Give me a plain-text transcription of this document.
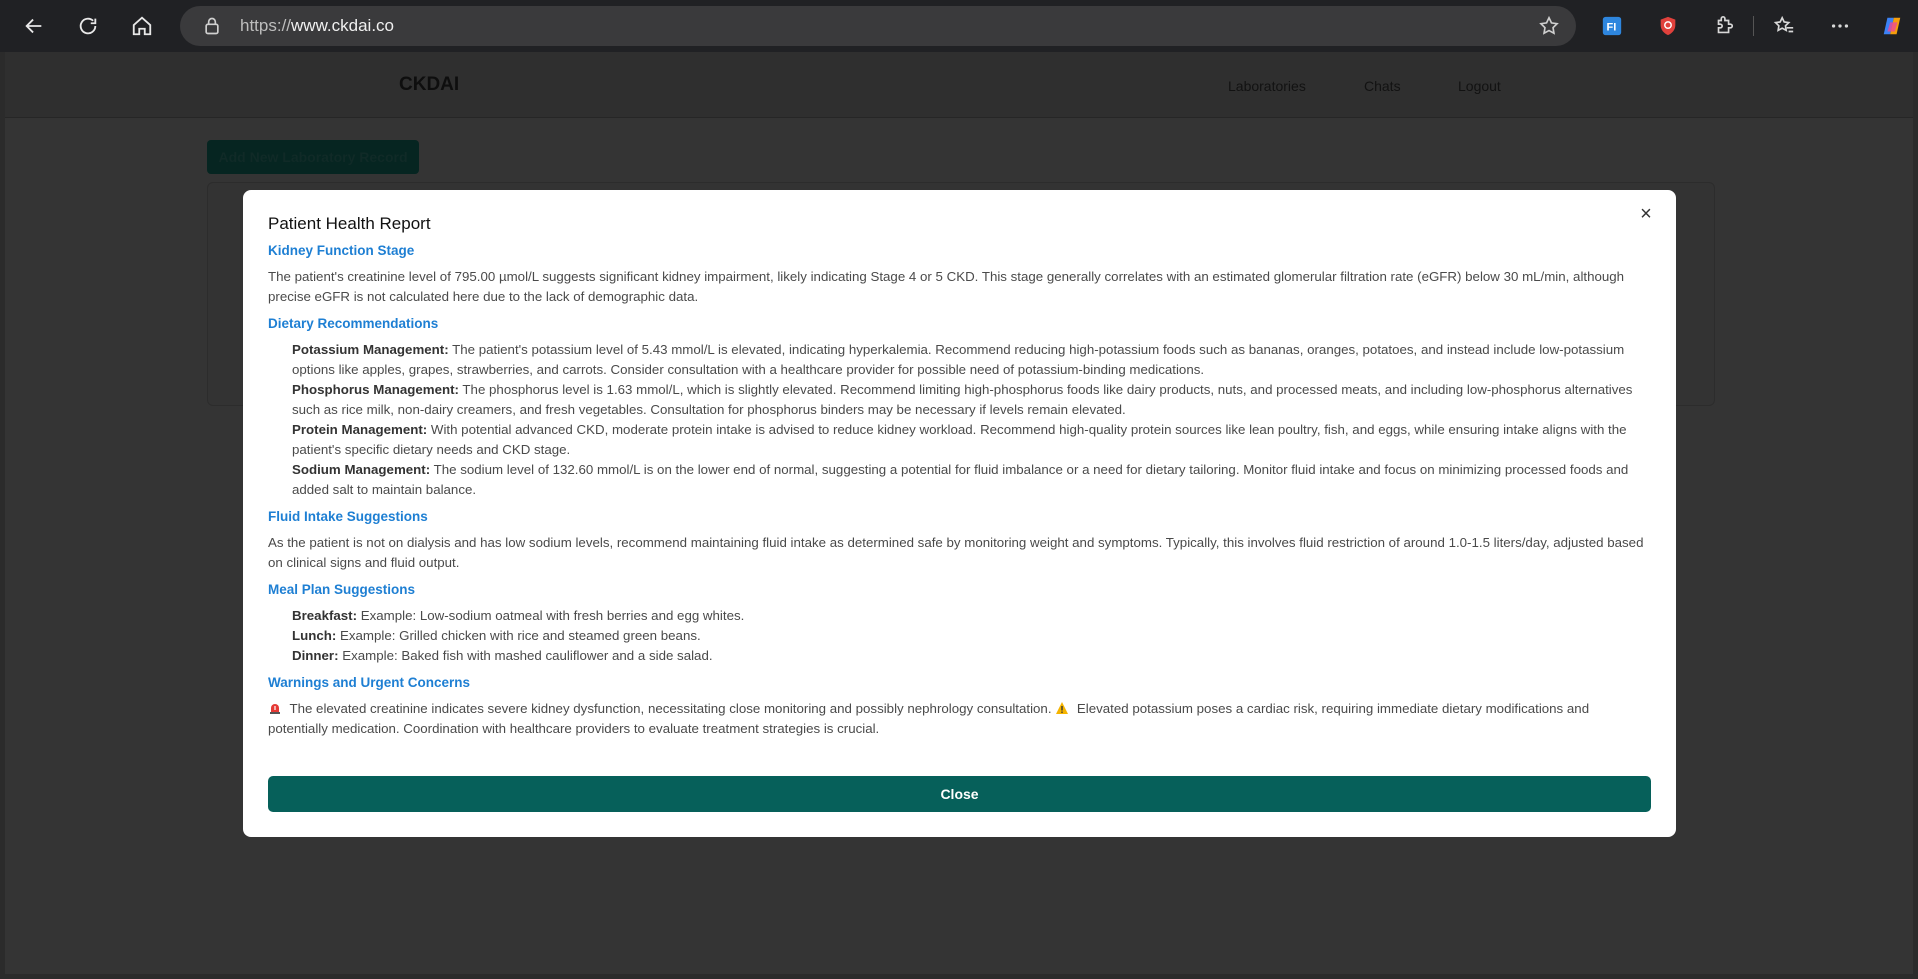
https://www.ckdai.co	FI
CKDAI	Laboratories	Chats	Logout
Add New Laboratory Record
×
Patient Health Report
Kidney Function Stage
The patient's creatinine level of 795.00 µmol/L suggests significant kidney impairment, likely indicating Stage 4 or 5 CKD. This stage generally correlates with an estimated glomerular filtration rate (eGFR) below 30 mL/min, although precise eGFR is not calculated here due to the lack of demographic data.
Dietary Recommendations
Potassium Management: The patient's potassium level of 5.43 mmol/L is elevated, indicating hyperkalemia. Recommend reducing high-potassium foods such as bananas, oranges, potatoes, and instead include low-potassium options like apples, grapes, strawberries, and carrots. Consider consultation with a healthcare provider for possible need of potassium-binding medications.
Phosphorus Management: The phosphorus level is 1.63 mmol/L, which is slightly elevated. Recommend limiting high-phosphorus foods like dairy products, nuts, and processed meats, and including low-phosphorus alternatives such as rice milk, non-dairy creamers, and fresh vegetables. Consultation for phosphorus binders may be necessary if levels remain elevated.
Protein Management: With potential advanced CKD, moderate protein intake is advised to reduce kidney workload. Recommend high-quality protein sources like lean poultry, fish, and eggs, while ensuring intake aligns with the patient's specific dietary needs and CKD stage.
Sodium Management: The sodium level of 132.60 mmol/L is on the lower end of normal, suggesting a potential for fluid imbalance or a need for dietary tailoring. Monitor fluid intake and focus on minimizing processed foods and added salt to maintain balance.
Fluid Intake Suggestions
As the patient is not on dialysis and has low sodium levels, recommend maintaining fluid intake as determined safe by monitoring weight and symptoms. Typically, this involves fluid restriction of around 1.0-1.5 liters/day, adjusted based on clinical signs and fluid output.
Meal Plan Suggestions
Breakfast: Example: Low-sodium oatmeal with fresh berries and egg whites.
Lunch: Example: Grilled chicken with rice and steamed green beans.
Dinner: Example: Baked fish with mashed cauliflower and a side salad.
Warnings and Urgent Concerns
The elevated creatinine indicates severe kidney dysfunction, necessitating close monitoring and possibly nephrology consultation.  Elevated potassium poses a cardiac risk, requiring immediate dietary modifications and potentially medication. Coordination with healthcare providers to evaluate treatment strategies is crucial.
Close
